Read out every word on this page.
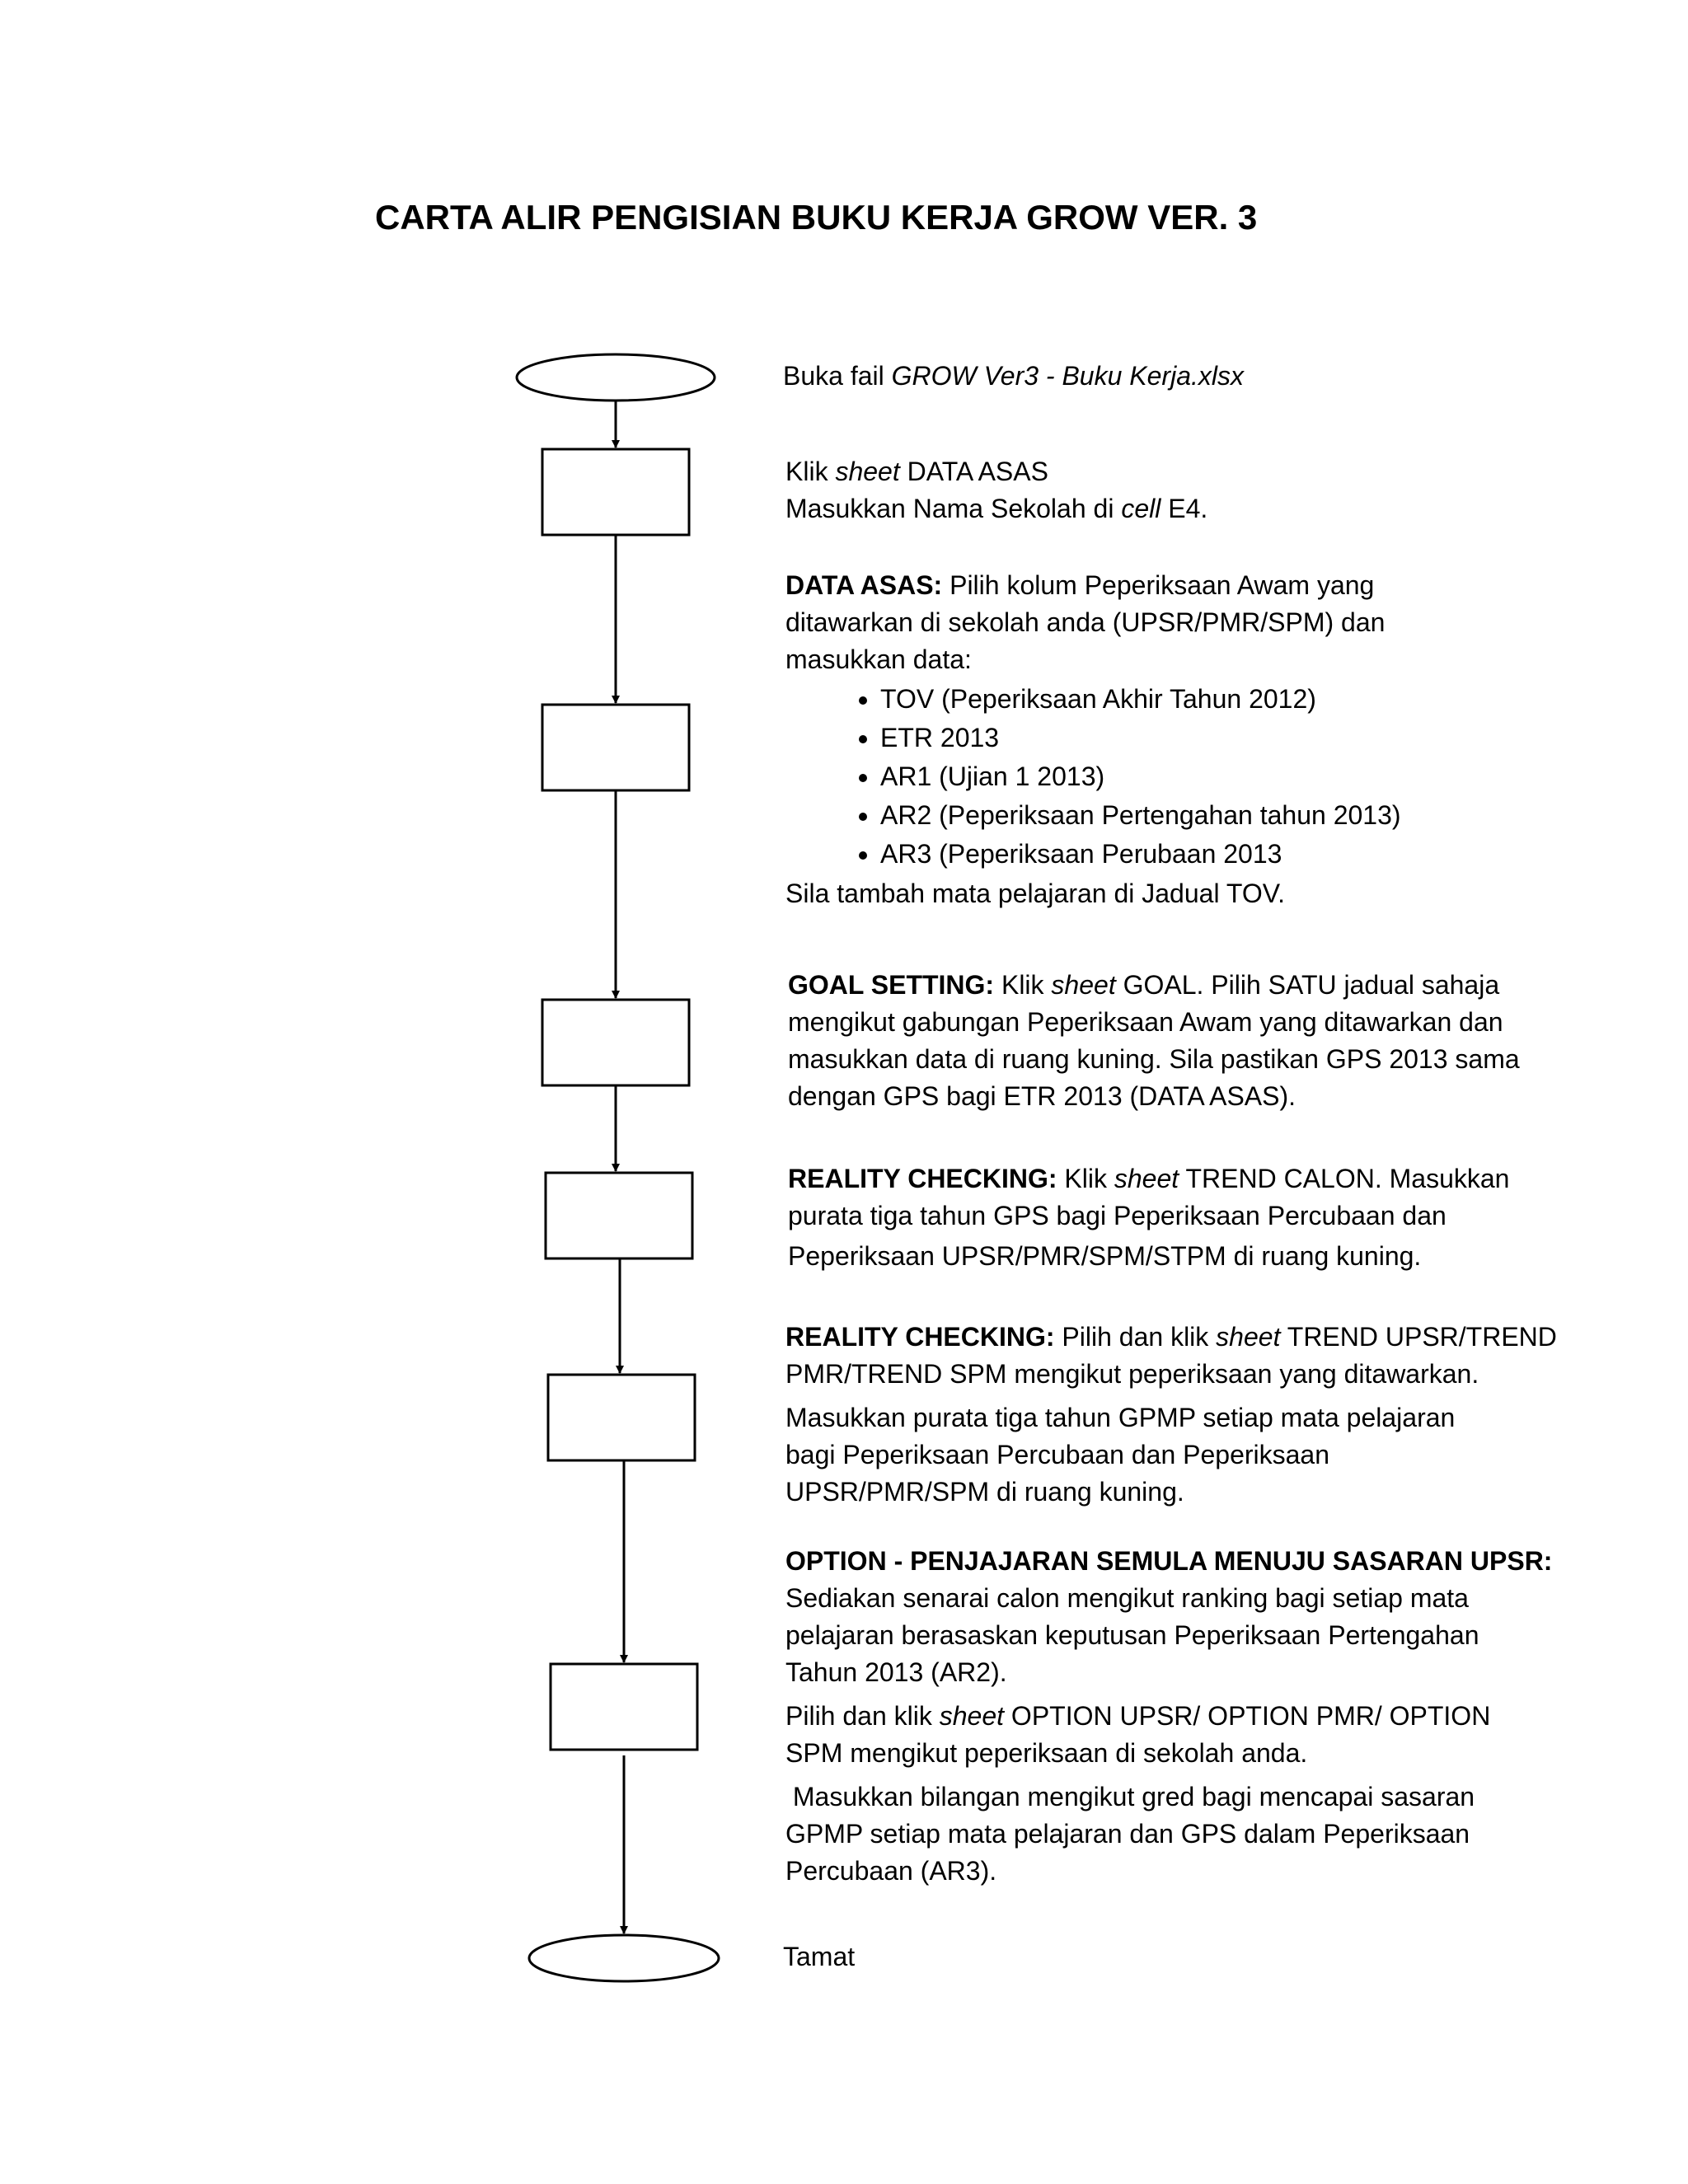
CARTA ALIR PENGISIAN BUKU KERJA GROW VER. 3

Buka fail GROW Ver3 - Buku Kerja.xlsx

Klik sheet DATA ASAS

Masukkan Nama Sekolah di cell E4.

DATA ASAS: Pilih kolum Peperiksaan Awam yang

ditawarkan di sekolah anda (UPSR/PMR/SPM) dan

masukkan data:

• TOV (Peperiksaan Akhir Tahun 2012)
• ETR 2013
• AR1 (Ujian 1 2013)
• AR2 (Peperiksaan Pertengahan tahun 2013)
• AR3 (Peperiksaan Perubaan 2013

Sila tambah mata pelajaran di Jadual TOV.

GOAL SETTING: Klik sheet GOAL. Pilih SATU jadual sahaja

mengikut gabungan Peperiksaan Awam yang ditawarkan dan

masukkan data di ruang kuning. Sila pastikan GPS 2013 sama

dengan GPS bagi ETR 2013 (DATA ASAS).

REALITY CHECKING: Klik sheet TREND CALON. Masukkan

purata tiga tahun GPS bagi Peperiksaan Percubaan dan

Peperiksaan UPSR/PMR/SPM/STPM di ruang kuning.

REALITY CHECKING: Pilih dan klik sheet TREND UPSR/TREND

PMR/TREND SPM mengikut peperiksaan yang ditawarkan.

Masukkan purata tiga tahun GPMP setiap mata pelajaran

bagi Peperiksaan Percubaan dan Peperiksaan

UPSR/PMR/SPM di ruang kuning.

OPTION - PENJAJARAN SEMULA MENUJU SASARAN UPSR:

Sediakan senarai calon mengikut ranking bagi setiap mata

pelajaran berasaskan keputusan Peperiksaan Pertengahan

Tahun 2013 (AR2).

Pilih dan klik sheet OPTION UPSR/ OPTION PMR/ OPTION

SPM mengikut peperiksaan di sekolah anda.

Masukkan bilangan mengikut gred bagi mencapai sasaran

GPMP setiap mata pelajaran dan GPS dalam Peperiksaan

Percubaan (AR3).

Tamat
